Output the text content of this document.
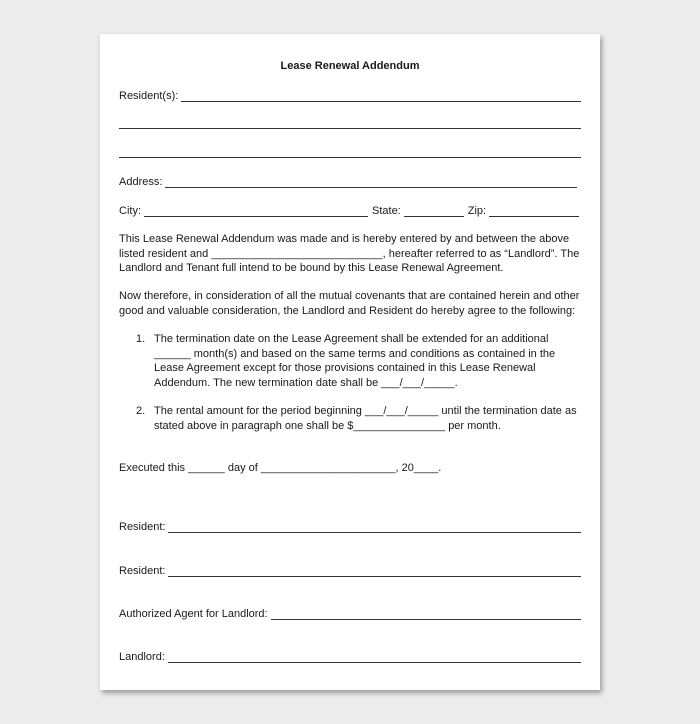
Lease Renewal Addendum
Resident(s):
Address:
City:	State:	Zip:

This Lease Renewal Addendum was made and is hereby entered by and between the above listed resident and ____________________________, hereafter referred to as “Landlord”. The Landlord and Tenant full intend to be bound by this Lease Renewal Agreement.

Now therefore, in consideration of all the mutual covenants that are contained herein and other good and valuable consideration, the Landlord and Resident do hereby agree to the following:

1. The termination date on the Lease Agreement shall be extended for an additional ______ month(s) and based on the same terms and conditions as contained in the Lease Agreement except for those provisions contained in this Lease Renewal Addendum. The new termination date shall be ___/___/_____.
2. The rental amount for the period beginning ___/___/_____ until the termination date as stated above in paragraph one shall be $_______________ per month.

Executed this ______ day of ______________________, 20____.

Resident:
Resident:
Authorized Agent for Landlord:
Landlord:
